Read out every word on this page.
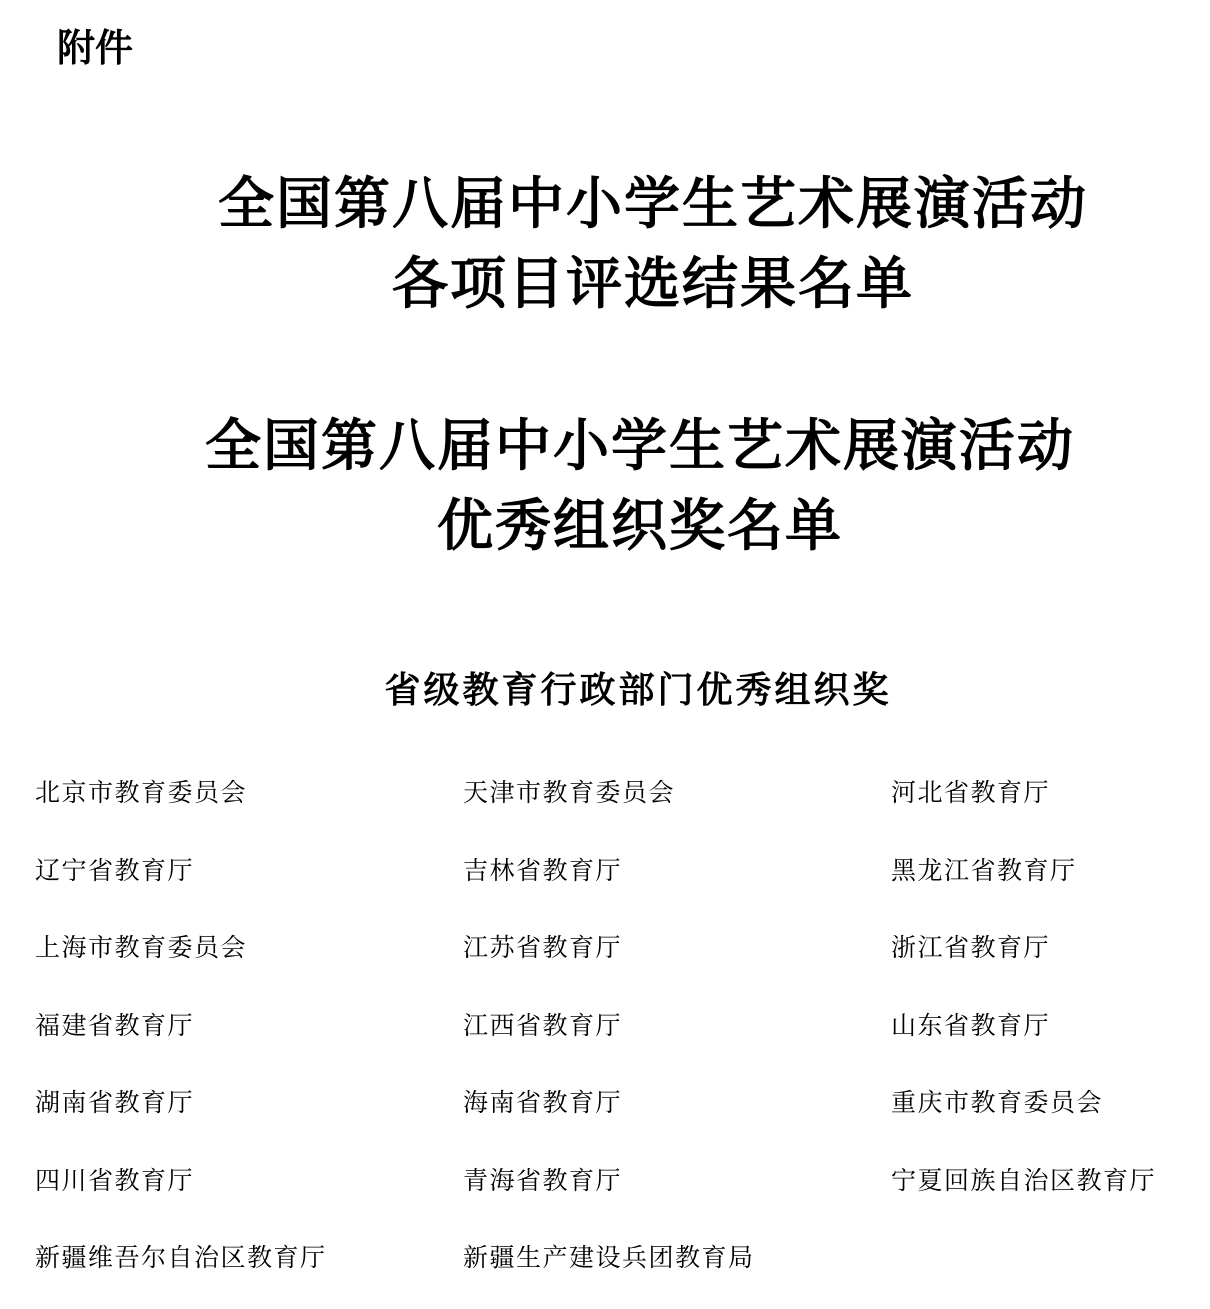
附件
全国第八届中小学生艺术展演活动
各项目评选结果名单
全国第八届中小学生艺术展演活动
优秀组织奖名单
省级教育行政部门优秀组织奖
北京市教育委员会	天津市教育委员会	河北省教育厅
辽宁省教育厅	吉林省教育厅	黑龙江省教育厅
上海市教育委员会	江苏省教育厅	浙江省教育厅
福建省教育厅	江西省教育厅	山东省教育厅
湖南省教育厅	海南省教育厅	重庆市教育委员会
四川省教育厅	青海省教育厅	宁夏回族自治区教育厅
新疆维吾尔自治区教育厅	新疆生产建设兵团教育局
